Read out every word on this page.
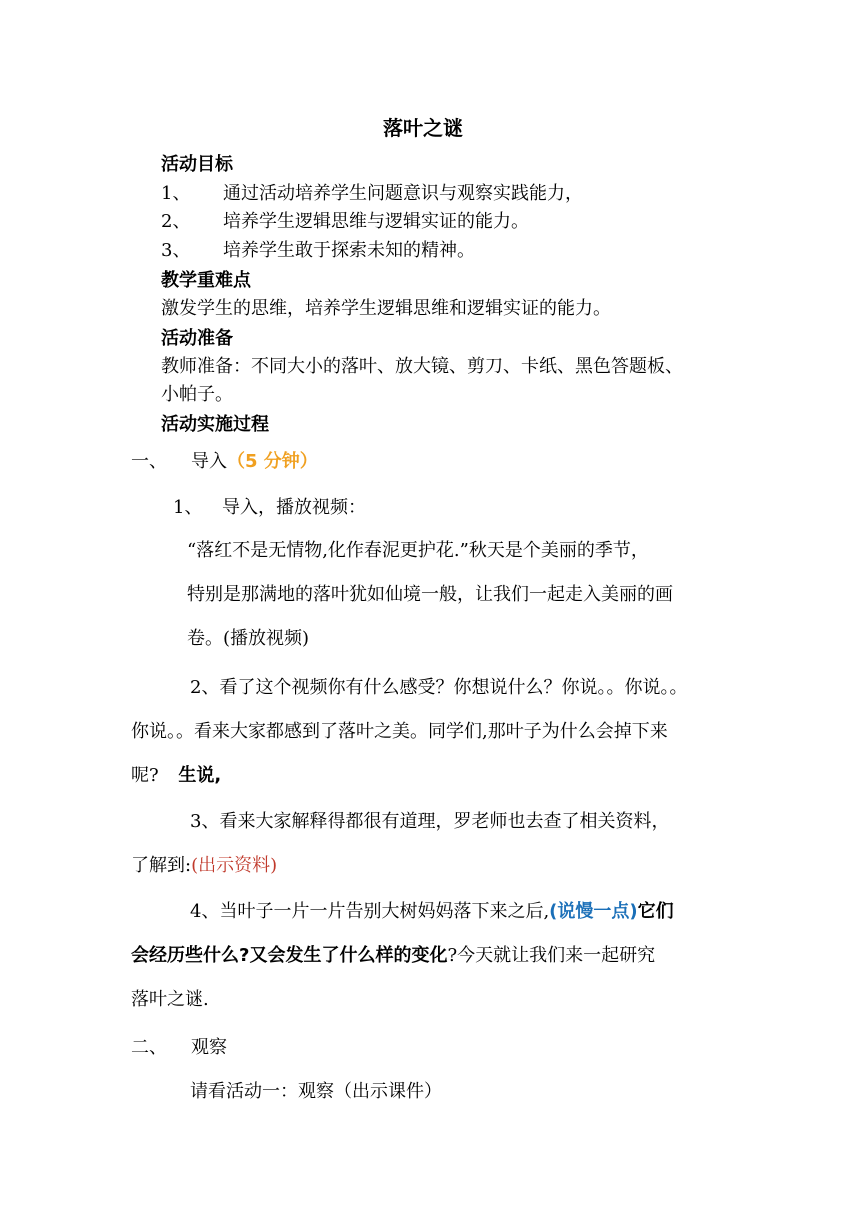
落叶之谜
活动目标
1、 通过活动培养学生问题意识与观察实践能力，
2、 培养学生逻辑思维与逻辑实证的能力。
3、 培养学生敢于探索未知的精神。
教学重难点
激发学生的思维，培养学生逻辑思维和逻辑实证的能力。
活动准备
教师准备：不同大小的落叶、放大镜、剪刀、卡纸、黑色答题板、
小帕子。
活动实施过程
一、 导入（5 分钟）
1、 导入，播放视频：
“落红不是无情物,化作春泥更护花.”秋天是个美丽的季节，
特别是那满地的落叶犹如仙境一般，让我们一起走入美丽的画
卷。(播放视频)
2、看了这个视频你有什么感受？你想说什么？你说。。你说。。
你说。。看来大家都感到了落叶之美。同学们,那叶子为什么会掉下来
呢? 生说,
3、看来大家解释得都很有道理，罗老师也去查了相关资料，
了解到:(出示资料)
4、当叶子一片一片告别大树妈妈落下来之后,(说慢一点)它们
会经历些什么?又会发生了什么样的变化?今天就让我们来一起研究
落叶之谜.
二、 观察
请看活动一：观察（出示课件）
